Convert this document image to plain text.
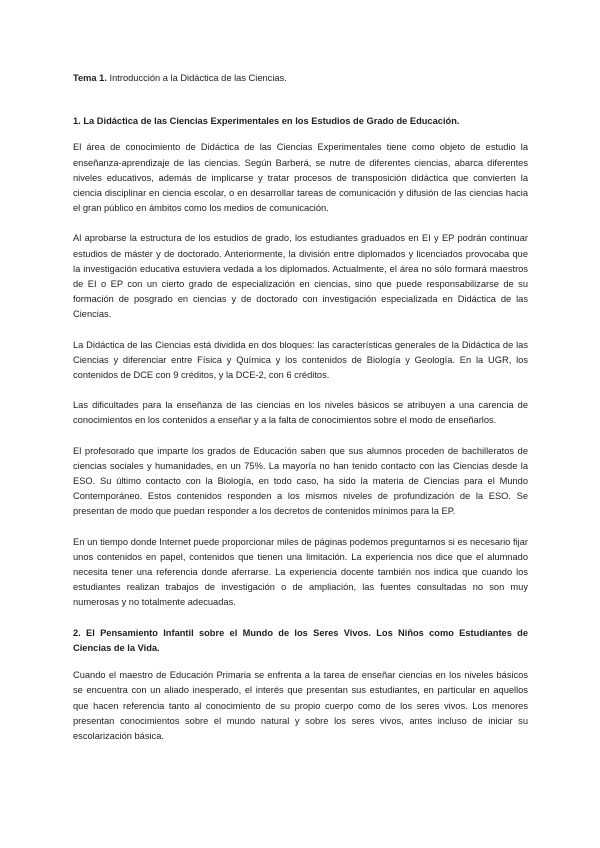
Tema 1. Introducción a la Didáctica de las Ciencias.
1. La Didáctica de las Ciencias Experimentales en los Estudios de Grado de Educación.

El área de conocimiento de Didáctica de las Ciencias Experimentales tiene como objeto de estudio la enseñanza-aprendizaje de las ciencias. Según Barberá, se nutre de diferentes ciencias, abarca diferentes niveles educativos, además de implicarse y tratar procesos de transposición didáctica que convierten la ciencia disciplinar en ciencia escolar, o en desarrollar tareas de comunicación y difusión de las ciencias hacia el gran público en ámbitos como los medios de comunicación.

Al aprobarse la estructura de los estudios de grado, los estudiantes graduados en EI y EP podrán continuar estudios de máster y de doctorado. Anteriormente, la división entre diplomados y licenciados provocaba que la investigación educativa estuviera vedada a los diplomados. Actualmente, el área no sólo formará maestros de EI o EP con un cierto grado de especialización en ciencias, sino que puede responsabilizarse de su formación de posgrado en ciencias y de doctorado con investigación especializada en Didáctica de las Ciencias.

La Didáctica de las Ciencias está dividida en dos bloques: las características generales de la Didáctica de las Ciencias y diferenciar entre Física y Química y los contenidos de Biología y Geología. En la UGR, los contenidos de DCE con 9 créditos, y la DCE-2, con 6 créditos.

Las dificultades para la enseñanza de las ciencias en los niveles básicos se atribuyen a una carencia de conocimientos en los contenidos a enseñar y a la falta de conocimientos sobre el modo de enseñarlos.

El profesorado que imparte los grados de Educación saben que sus alumnos proceden de bachilleratos de ciencias sociales y humanidades, en un 75%. La mayoría no han tenido contacto con las Ciencias desde la ESO. Su último contacto con la Biología, en todo caso, ha sido la materia de Ciencias para el Mundo Contemporáneo. Estos contenidos responden a los mismos niveles de profundización de la ESO. Se presentan de modo que puedan responder a los decretos de contenidos mínimos para la EP.

En un tiempo donde Internet puede proporcionar miles de páginas podemos preguntarnos si es necesario fijar unos contenidos en papel, contenidos que tienen una limitación. La experiencia nos dice que el alumnado necesita tener una referencia donde aferrarse. La experiencia docente también nos indica que cuando los estudiantes realizan trabajos de investigación o de ampliación, las fuentes consultadas no son muy numerosas y no totalmente adecuadas.

2. El Pensamiento Infantil sobre el Mundo de los Seres Vivos. Los Niños como Estudiantes de Ciencias de la Vida.

Cuando el maestro de Educación Primaria se enfrenta a la tarea de enseñar ciencias en los niveles básicos se encuentra con un aliado inesperado, el interés que presentan sus estudiantes, en particular en aquellos que hacen referencia tanto al conocimiento de su propio cuerpo como de los seres vivos. Los menores presentan conocimientos sobre el mundo natural y sobre los seres vivos, antes incluso de iniciar su escolarización básica.
